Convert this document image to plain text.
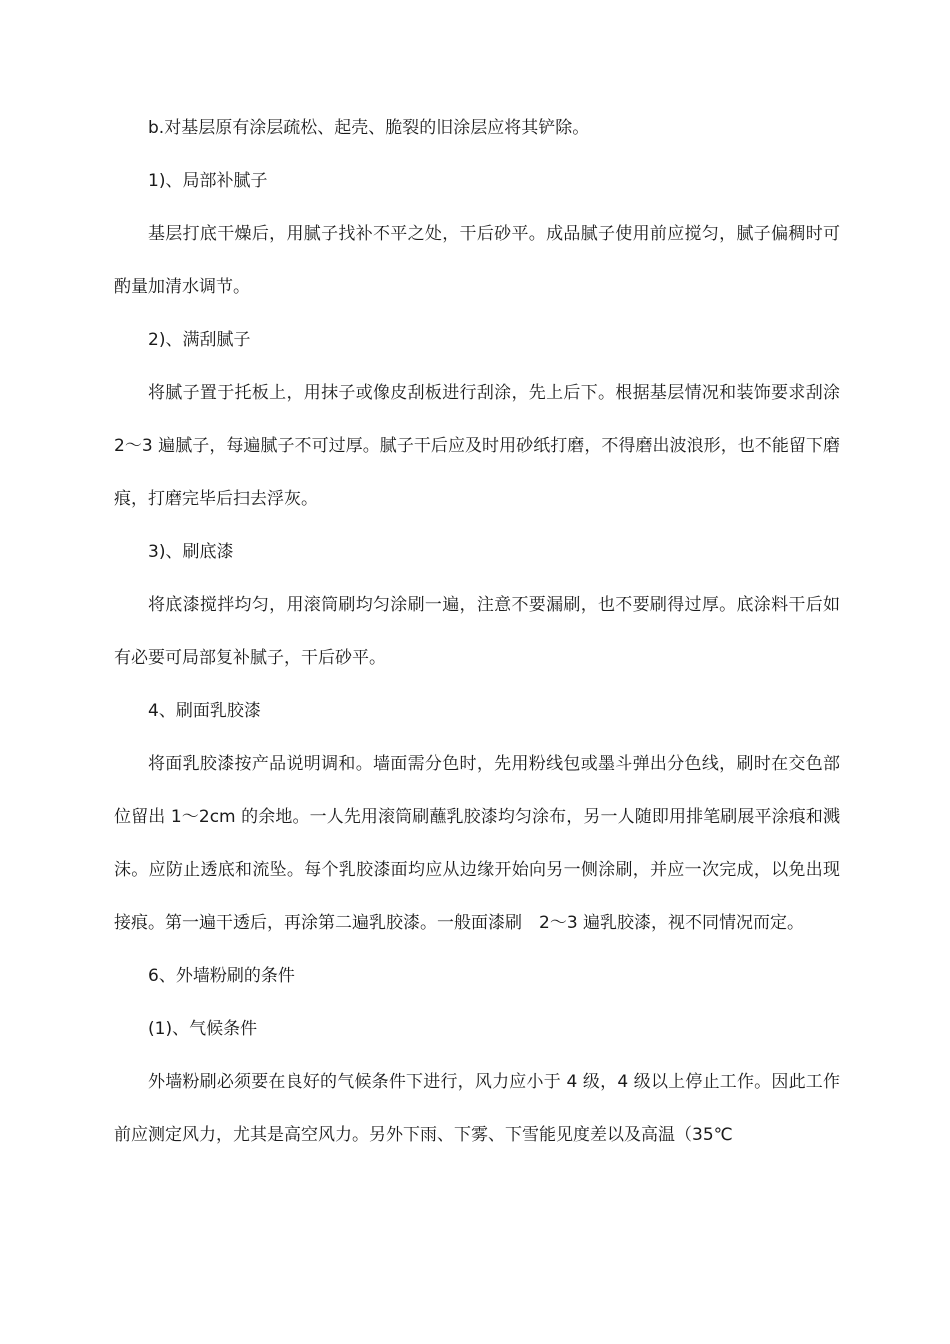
b.对基层原有涂层疏松、起壳、脆裂的旧涂层应将其铲除。

1)、局部补腻子

基层打底干燥后，用腻子找补不平之处，干后砂平。成品腻子使用前应搅匀，腻子偏稠时可酌量加清水调节。

2)、满刮腻子

将腻子置于托板上，用抹子或像皮刮板进行刮涂，先上后下。根据基层情况和装饰要求刮涂 2～3 遍腻子，每遍腻子不可过厚。腻子干后应及时用砂纸打磨，不得磨出波浪形，也不能留下磨痕，打磨完毕后扫去浮灰。

3)、刷底漆

将底漆搅拌均匀，用滚筒刷均匀涂刷一遍，注意不要漏刷，也不要刷得过厚。底涂料干后如有必要可局部复补腻子，干后砂平。

4、刷面乳胶漆

将面乳胶漆按产品说明调和。墙面需分色时，先用粉线包或墨斗弹出分色线，刷时在交色部位留出 1～2cm 的余地。一人先用滚筒刷蘸乳胶漆均匀涂布，另一人随即用排笔刷展平涂痕和溅沫。应防止透底和流坠。每个乳胶漆面均应从边缘开始向另一侧涂刷，并应一次完成，以免出现接痕。第一遍干透后，再涂第二遍乳胶漆。一般面漆刷　2～3 遍乳胶漆，视不同情况而定。

6、外墙粉刷的条件

(1)、气候条件

外墙粉刷必须要在良好的气候条件下进行，风力应小于 4 级，4 级以上停止工作。因此工作前应测定风力，尤其是高空风力。另外下雨、下雾、下雪能见度差以及高温（35℃
